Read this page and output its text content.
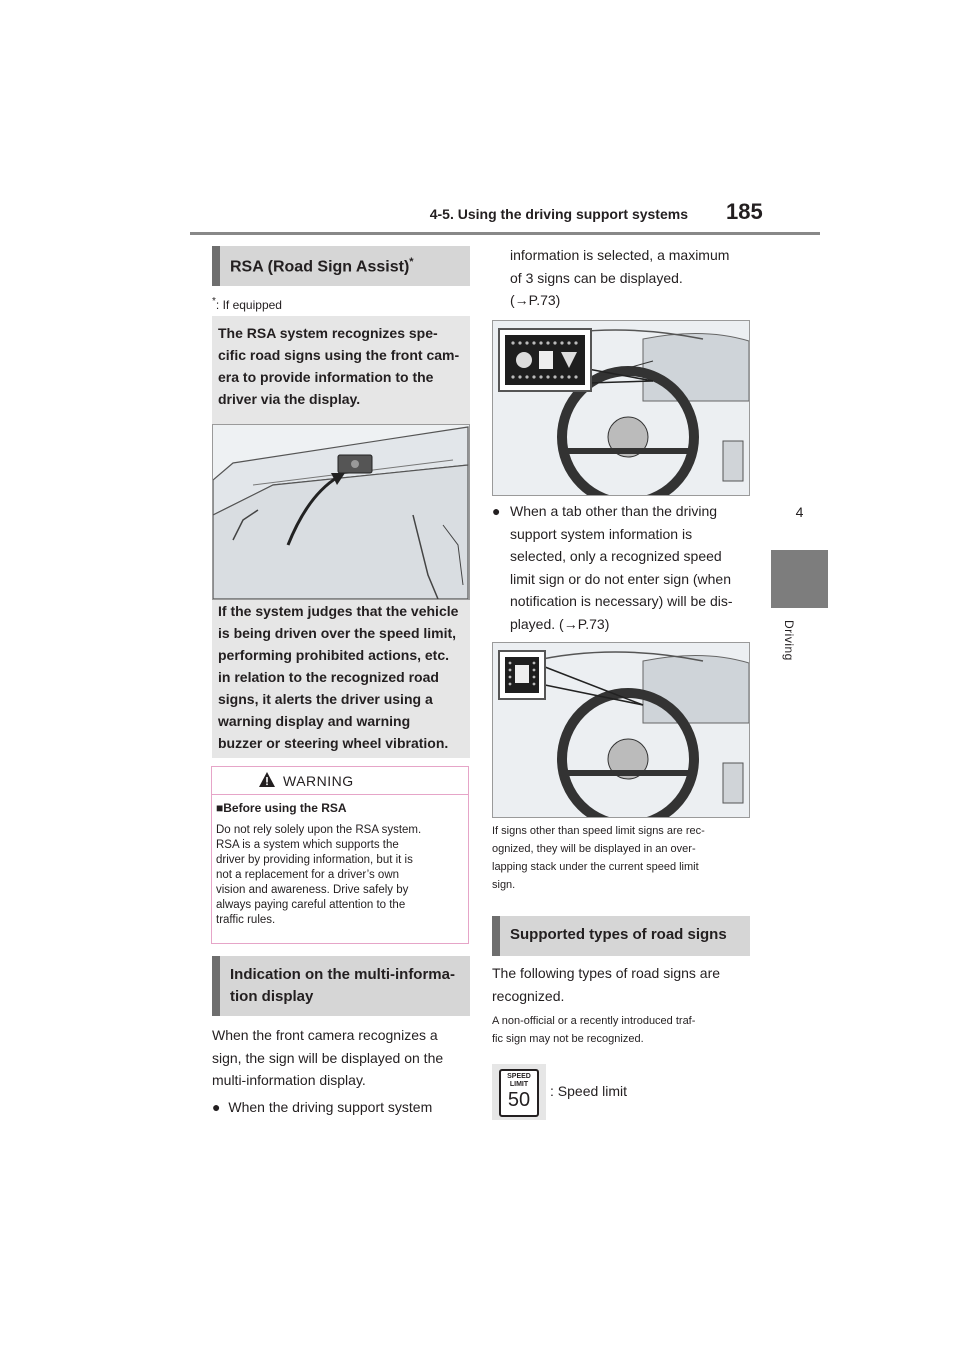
4-5. Using the driving support systems 185
4
Driving
RSA (Road Sign Assist)*
*: If equipped
The RSA system recognizes spe-
cific road signs using the front cam-
era to provide information to the
driver via the display.
If the system judges that the vehicle
is being driven over the speed limit,
performing prohibited actions, etc.
in relation to the recognized road
signs, it alerts the driver using a
warning display and warning
buzzer or steering wheel vibration.
WARNING
■Before using the RSA
Do not rely solely upon the RSA system.
RSA is a system which supports the
driver by providing information, but it is
not a replacement for a driver’s own
vision and awareness. Drive safely by
always paying careful attention to the
traffic rules.
Indication on the multi-informa-
tion display
When the front camera recognizes a
sign, the sign will be displayed on the
multi-information display.
● When the driving support system
information is selected, a maximum
of 3 signs can be displayed.
(→P.73)
● When a tab other than the driving
support system information is
selected, only a recognized speed
limit sign or do not enter sign (when
notification is necessary) will be dis-
played. (→P.73)
If signs other than speed limit signs are rec-
ognized, they will be displayed in an over-
lapping stack under the current speed limit
sign.
Supported types of road signs
The following types of road signs are
recognized.
A non-official or a recently introduced traf-
fic sign may not be recognized.
SPEED
LIMIT
50	: Speed limit
